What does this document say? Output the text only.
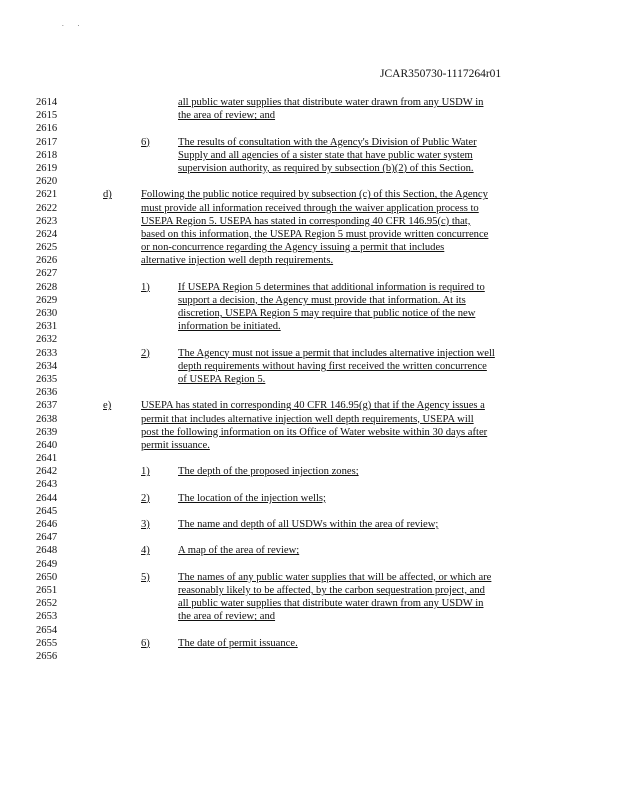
. .
JCAR350730-1117264r01
2614	all public water supplies that distribute water drawn from any USDW in
2615	the area of review; and
2616
2617	6)	The results of consultation with the Agency's Division of Public Water
2618	Supply and all agencies of a sister state that have public water system
2619	supervision authority, as required by subsection (b)(2) of this Section.
2620
2621	d)	Following the public notice required by subsection (c) of this Section, the Agency
2622	must provide all information received through the waiver application process to
2623	USEPA Region 5. USEPA has stated in corresponding 40 CFR 146.95(c) that,
2624	based on this information, the USEPA Region 5 must provide written concurrence
2625	or non-concurrence regarding the Agency issuing a permit that includes
2626	alternative injection well depth requirements.
2627
2628	1)	If USEPA Region 5 determines that additional information is required to
2629	support a decision, the Agency must provide that information. At its
2630	discretion, USEPA Region 5 may require that public notice of the new
2631	information be initiated.
2632
2633	2)	The Agency must not issue a permit that includes alternative injection well
2634	depth requirements without having first received the written concurrence
2635	of USEPA Region 5.
2636
2637	e)	USEPA has stated in corresponding 40 CFR 146.95(g) that if the Agency issues a
2638	permit that includes alternative injection well depth requirements, USEPA will
2639	post the following information on its Office of Water website within 30 days after
2640	permit issuance.
2641
2642	1)	The depth of the proposed injection zones;
2643
2644	2)	The location of the injection wells;
2645
2646	3)	The name and depth of all USDWs within the area of review;
2647
2648	4)	A map of the area of review;
2649
2650	5)	The names of any public water supplies that will be affected, or which are
2651	reasonably likely to be affected, by the carbon sequestration project, and
2652	all public water supplies that distribute water drawn from any USDW in
2653	the area of review; and
2654
2655	6)	The date of permit issuance.
2656
